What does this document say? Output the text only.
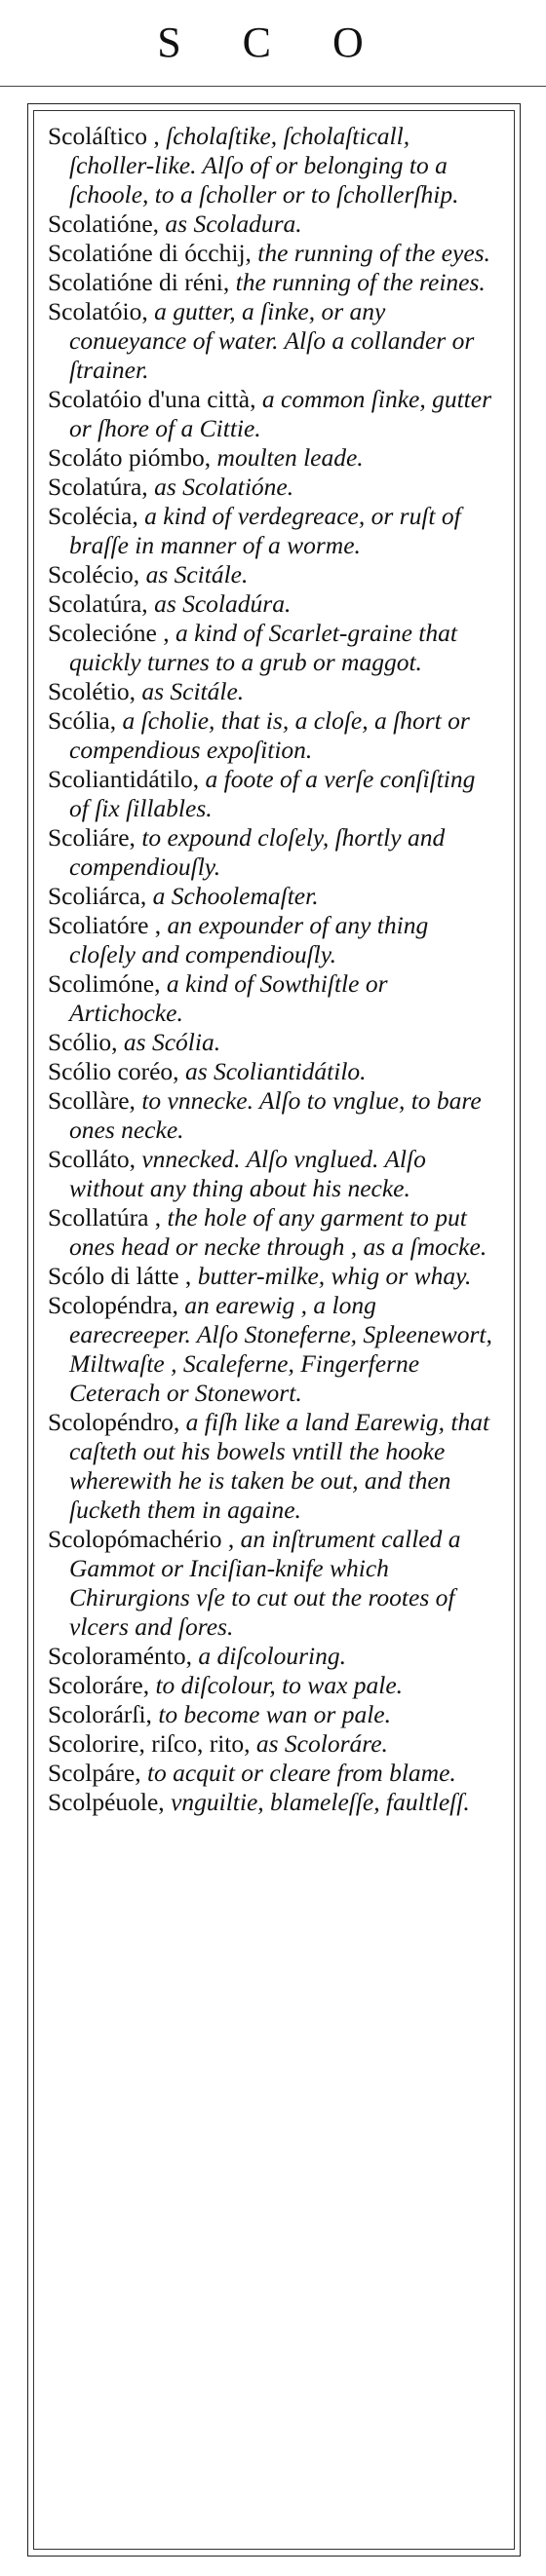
S C O
Scoláſtico , ſcholaſtike, ſcholaſticall, ſcholler-like. Alſo of or belonging to a ſchoole, to a ſcholler or to ſchollerſhip.
Scolatióne, as Scoladura.
Scolatióne di ócchij, the running of the eyes.
Scolatióne di réni, the running of the reines.
Scolatóio, a gutter, a ſinke, or any conueyance of water. Alſo a collander or ſtrainer.
Scolatóio d'una città, a common ſinke, gutter or ſhore of a Cittie.
Scoláto piómbo, moulten leade.
Scolatúra, as Scolatióne.
Scolécia, a kind of verdegreace, or ruſt of braſſe in manner of a worme.
Scolécio, as Scitále.
Scolatúra, as Scoladúra.
Scolecióne , a kind of Scarlet-graine that quickly turnes to a grub or maggot.
Scolétio, as Scitále.
Scólia, a ſcholie, that is, a cloſe, a ſhort or compendious expoſition.
Scoliantidátilo, a foote of a verſe conſiſting of ſix ſillables.
Scoliáre, to expound cloſely, ſhortly and compendiouſly.
Scoliárca, a Schoolemaſter.
Scoliatóre , an expounder of any thing cloſely and compendiouſly.
Scolimóne, a kind of Sowthiſtle or Artichocke.
Scólio, as Scólia.
Scólio coréo, as Scoliantidátilo.
Scollàre, to vnnecke. Alſo to vnglue, to bare ones necke.
Scolláto, vnnecked. Alſo vnglued. Alſo without any thing about his necke.
Scollatúra , the hole of any garment to put ones head or necke through , as a ſmocke.
Scólo di látte , butter-milke, whig or whay.
Scolopéndra, an earewig , a long earecreeper. Alſo Stoneferne, Spleenewort, Miltwaſte , Scaleferne, Fingerferne Ceterach or Stonewort.
Scolopéndro, a fiſh like a land Earewig, that caſteth out his bowels vntill the hooke wherewith he is taken be out, and then ſucketh them in againe.
Scolopómachério , an inſtrument called a Gammot or Inciſian-knife which Chirurgions vſe to cut out the rootes of vlcers and ſores.
Scoloraménto, a diſcolouring.
Scoloráre, to diſcolour, to wax pale.
Scolorárſi, to become wan or pale.
Scolorire, riſco, rito, as Scoloráre.
Scolpáre, to acquit or cleare from blame.
Scolpéuole, vnguiltie, blameleſſe, faultleſſ.
